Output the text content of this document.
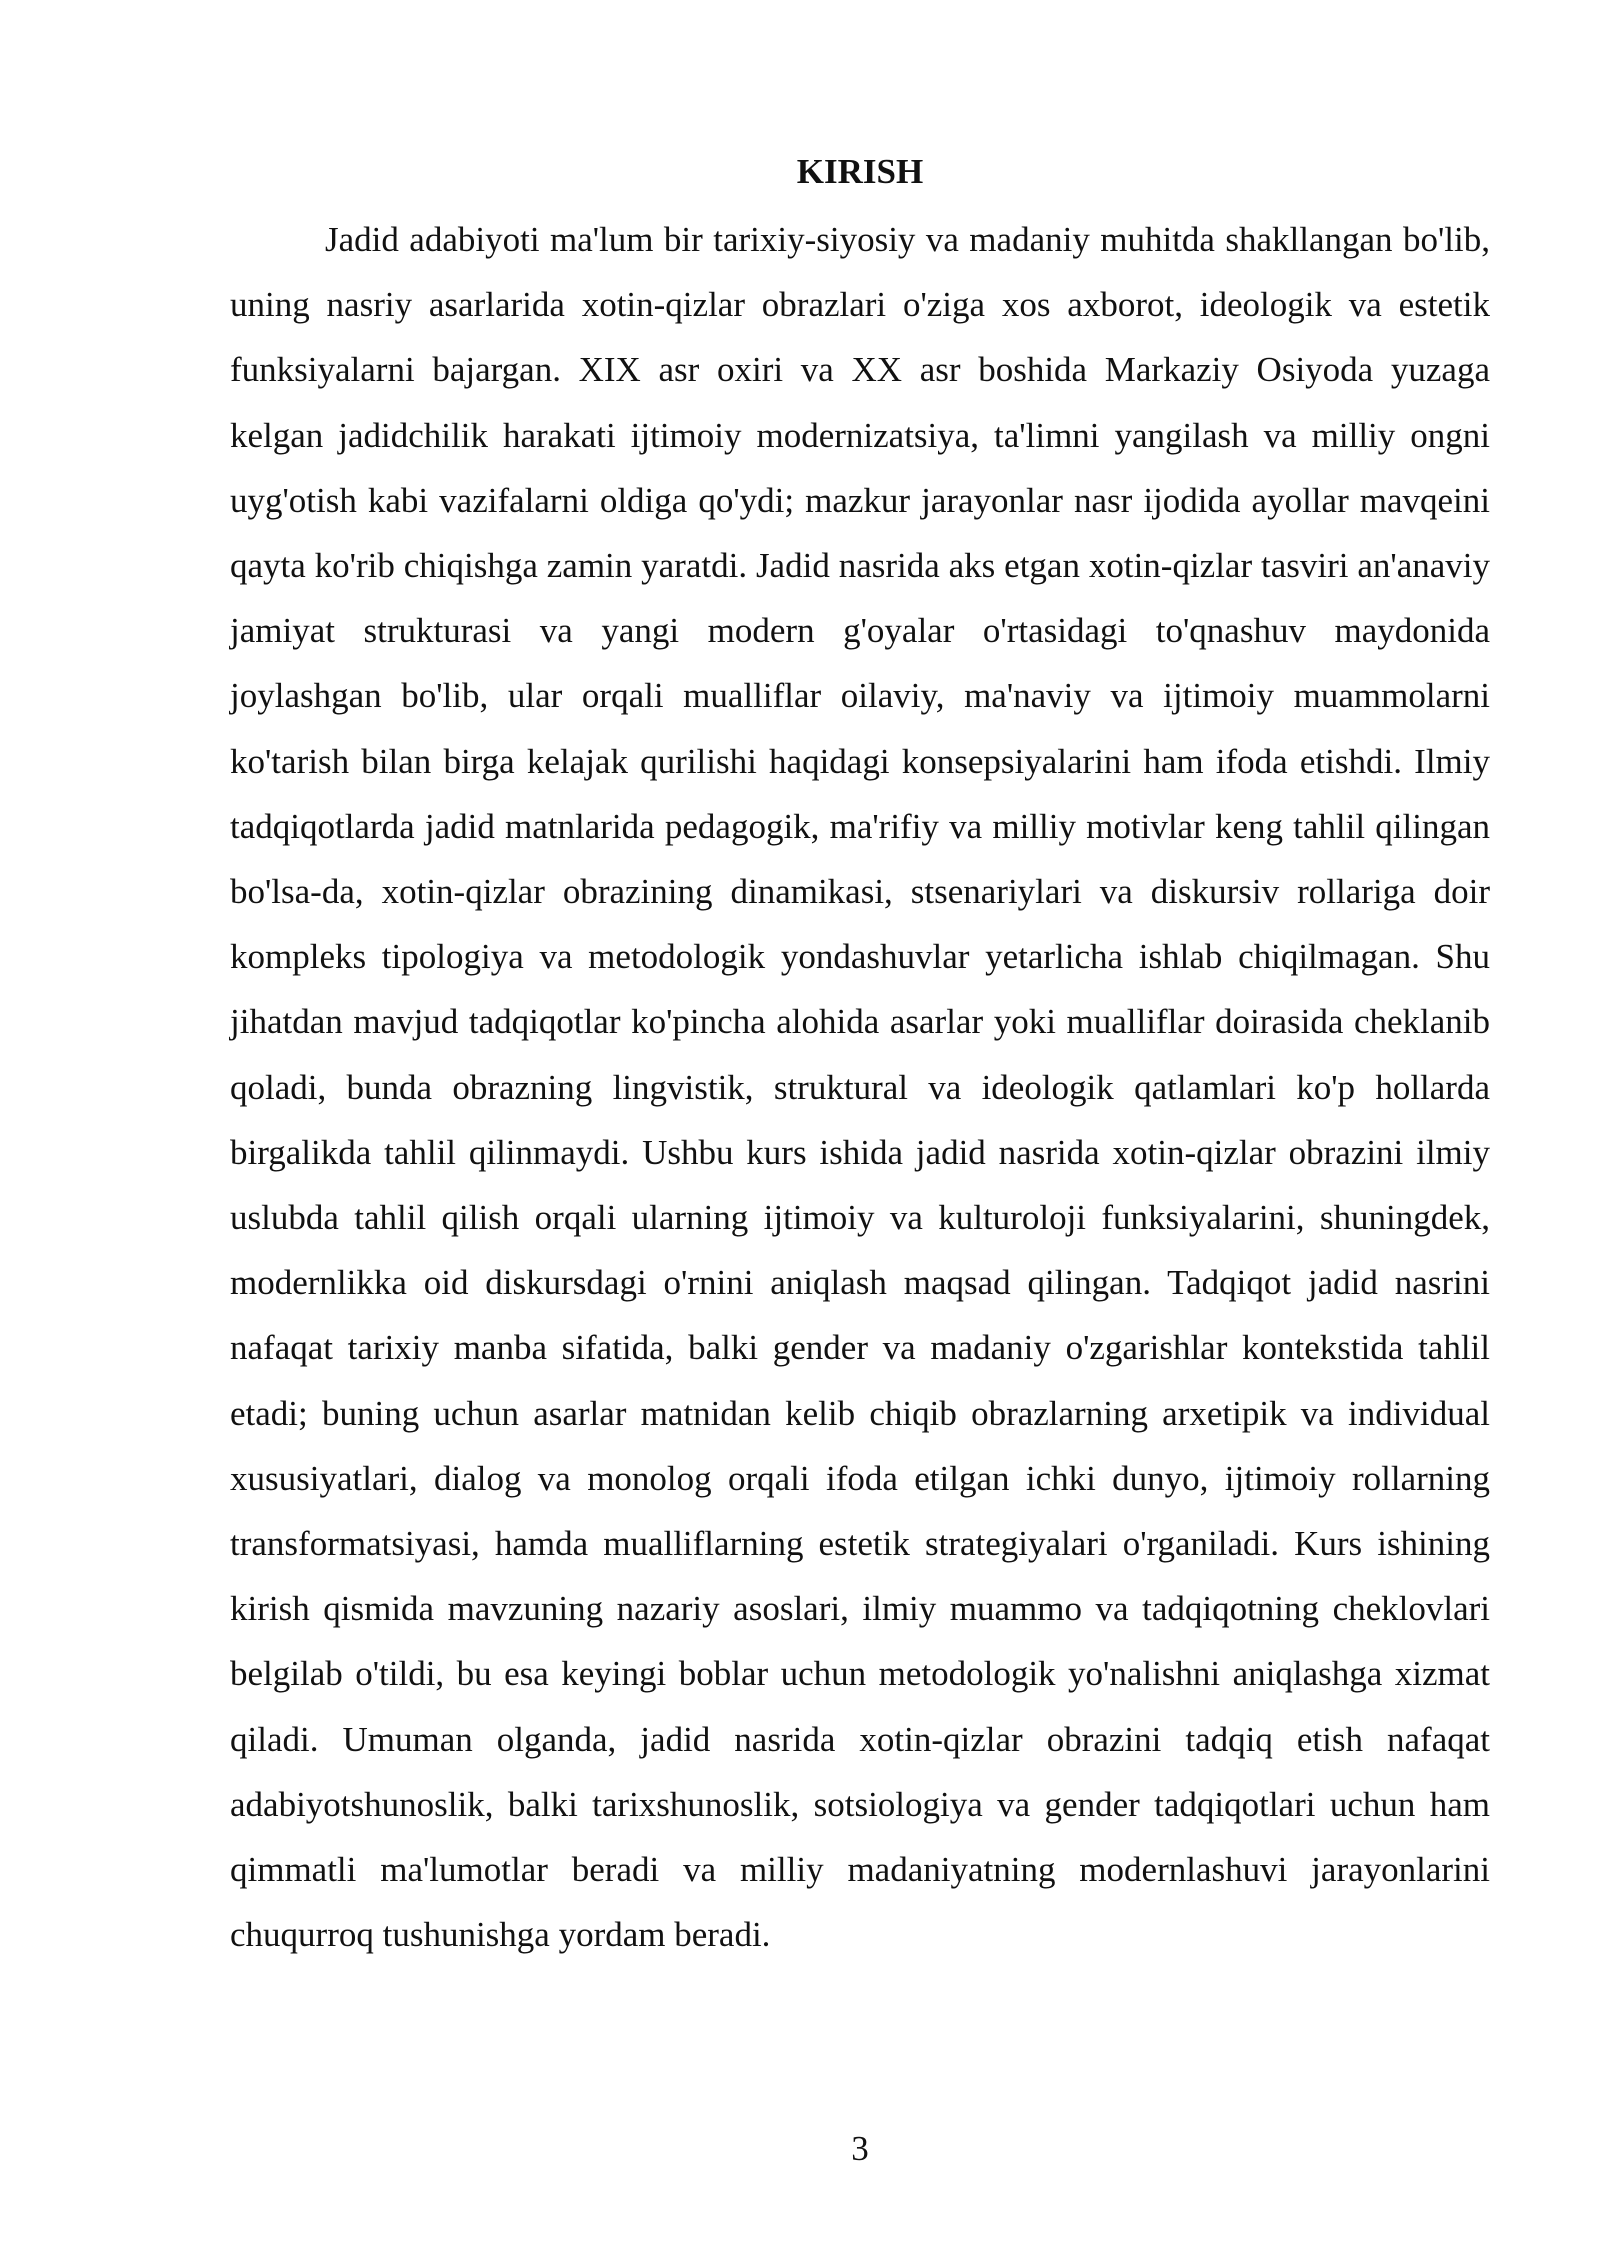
KIRISH

Jadid adabiyoti ma'lum bir tarixiy-siyosiy va madaniy muhitda shakllangan bo'lib, uning nasriy asarlarida xotin-qizlar obrazlari o'ziga xos axborot, ideologik va estetik funksiyalarni bajargan. XIX asr oxiri va XX asr boshida Markaziy Osiyoda yuzaga kelgan jadidchilik harakati ijtimoiy modernizatsiya, ta'limni yangilash va milliy ongni uyg'otish kabi vazifalarni oldiga qo'ydi; mazkur jarayonlar nasr ijodida ayollar mavqeini qayta ko'rib chiqishga zamin yaratdi. Jadid nasrida aks etgan xotin-qizlar tasviri an'anaviy jamiyat strukturasi va yangi modern g'oyalar o'rtasidagi to'qnashuv maydonida joylashgan bo'lib, ular orqali mualliflar oilaviy, ma'naviy va ijtimoiy muammolarni ko'tarish bilan birga kelajak qurilishi haqidagi konsepsiyalarini ham ifoda etishdi. Ilmiy tadqiqotlarda jadid matnlarida pedagogik, ma'rifiy va milliy motivlar keng tahlil qilingan bo'lsa-da, xotin-qizlar obrazining dinamikasi, stsenariylari va diskursiv rollariga doir kompleks tipologiya va metodologik yondashuvlar yetarlicha ishlab chiqilmagan. Shu jihatdan mavjud tadqiqotlar ko'pincha alohida asarlar yoki mualliflar doirasida cheklanib qoladi, bunda obrazning lingvistik, struktural va ideologik qatlamlari ko'p hollarda birgalikda tahlil qilinmaydi. Ushbu kurs ishida jadid nasrida xotin-qizlar obrazini ilmiy uslubda tahlil qilish orqali ularning ijtimoiy va kulturoloji funksiyalarini, shuningdek, modernlikka oid diskursdagi o'rnini aniqlash maqsad qilingan. Tadqiqot jadid nasrini nafaqat tarixiy manba sifatida, balki gender va madaniy o'zgarishlar kontekstida tahlil etadi; buning uchun asarlar matnidan kelib chiqib obrazlarning arxetipik va individual xususiyatlari, dialog va monolog orqali ifoda etilgan ichki dunyo, ijtimoiy rollarning transformatsiyasi, hamda mualliflarning estetik strategiyalari o'rganiladi. Kurs ishining kirish qismida mavzuning nazariy asoslari, ilmiy muammo va tadqiqotning cheklovlari belgilab o'tildi, bu esa keyingi boblar uchun metodologik yo'nalishni aniqlashga xizmat qiladi. Umuman olganda, jadid nasrida xotin-qizlar obrazini tadqiq etish nafaqat adabiyotshunoslik, balki tarixshunoslik, sotsiologiya va gender tadqiqotlari uchun ham qimmatli ma'lumotlar beradi va milliy madaniyatning modernlashuvi jarayonlarini chuqurroq tushunishga yordam beradi.

3
